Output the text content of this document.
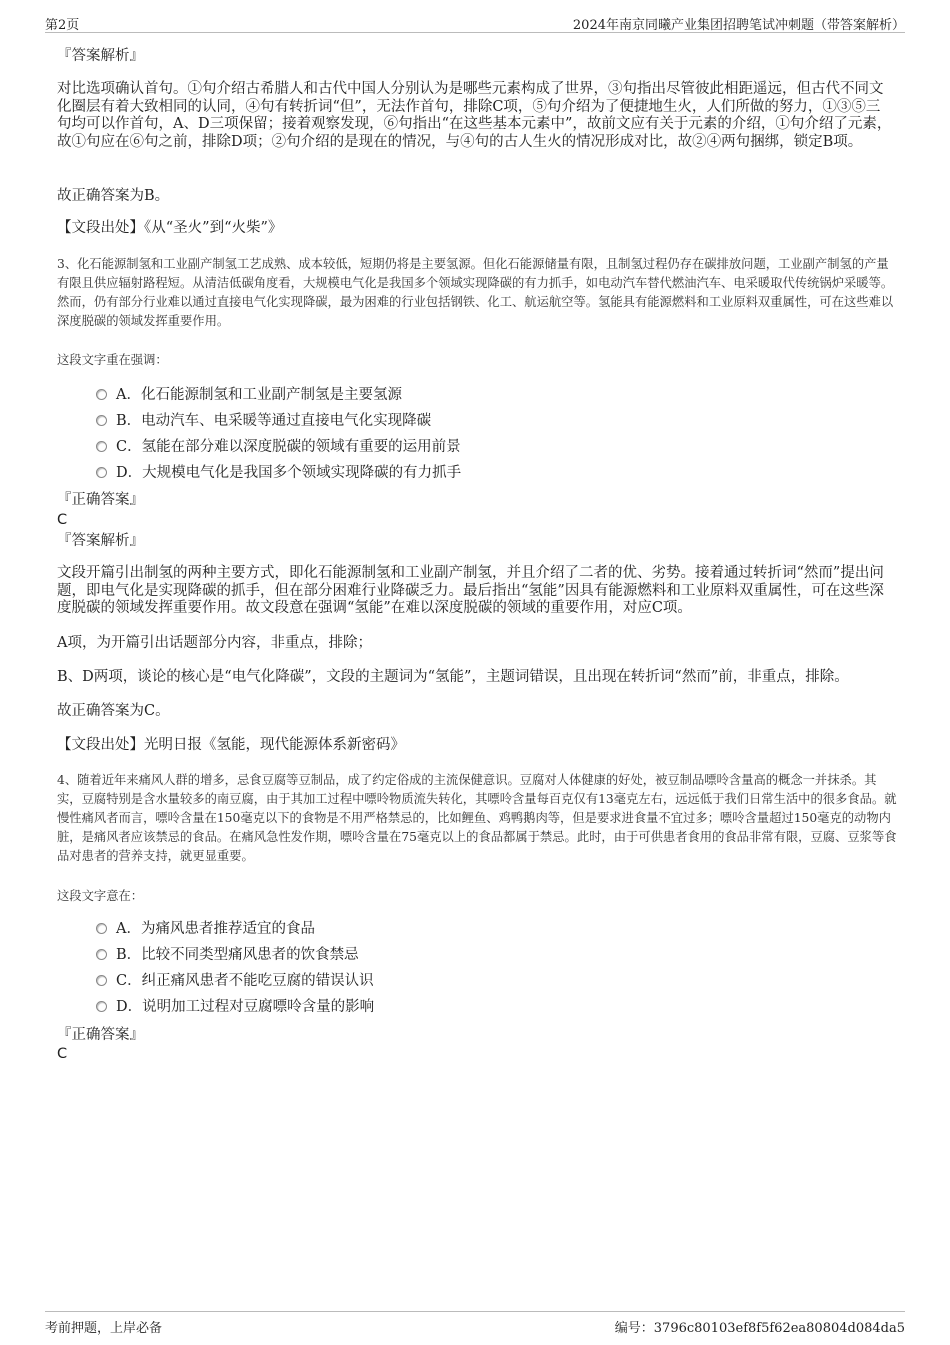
第2页	2024年南京同曦产业集团招聘笔试冲刺题（带答案解析）
『答案解析』
对比选项确认首句。①句介绍古希腊人和古代中国人分别认为是哪些元素构成了世界，③句指出尽管彼此相距遥远，但古代不同文化圈层有着大致相同的认同，④句有转折词“但”，无法作首句，排除C项，⑤句介绍为了便捷地生火，人们所做的努力，①③⑤三句均可以作首句，A、D三项保留；接着观察发现，⑥句指出“在这些基本元素中”，故前文应有关于元素的介绍，①句介绍了元素，故①句应在⑥句之前，排除D项；②句介绍的是现在的情况，与④句的古人生火的情况形成对比，故②④两句捆绑，锁定B项。
故正确答案为B。
【文段出处】《从“圣火”到“火柴”》
3、化石能源制氢和工业副产制氢工艺成熟、成本较低，短期仍将是主要氢源。但化石能源储量有限，且制氢过程仍存在碳排放问题，工业副产制氢的产量有限且供应辐射路程短。从清洁低碳角度看，大规模电气化是我国多个领域实现降碳的有力抓手，如电动汽车替代燃油汽车、电采暖取代传统锅炉采暖等。然而，仍有部分行业难以通过直接电气化实现降碳，最为困难的行业包括钢铁、化工、航运航空等。氢能具有能源燃料和工业原料双重属性，可在这些难以深度脱碳的领域发挥重要作用。
这段文字重在强调：
A．化石能源制氢和工业副产制氢是主要氢源
B．电动汽车、电采暖等通过直接电气化实现降碳
C．氢能在部分难以深度脱碳的领域有重要的运用前景
D．大规模电气化是我国多个领域实现降碳的有力抓手
『正确答案』
C
『答案解析』
文段开篇引出制氢的两种主要方式，即化石能源制氢和工业副产制氢，并且介绍了二者的优、劣势。接着通过转折词“然而”提出问题，即电气化是实现降碳的抓手，但在部分困难行业降碳乏力。最后指出“氢能”因具有能源燃料和工业原料双重属性，可在这些深度脱碳的领域发挥重要作用。故文段意在强调“氢能”在难以深度脱碳的领域的重要作用，对应C项。
A项，为开篇引出话题部分内容，非重点，排除；
B、D两项，谈论的核心是“电气化降碳”，文段的主题词为“氢能”，主题词错误，且出现在转折词“然而”前，非重点，排除。
故正确答案为C。
【文段出处】光明日报《氢能，现代能源体系新密码》
4、随着近年来痛风人群的增多，忌食豆腐等豆制品，成了约定俗成的主流保健意识。豆腐对人体健康的好处，被豆制品嘌呤含量高的概念一并抹杀。其实，豆腐特别是含水量较多的南豆腐，由于其加工过程中嘌呤物质流失转化，其嘌呤含量每百克仅有13毫克左右，远远低于我们日常生活中的很多食品。就慢性痛风者而言，嘌呤含量在150毫克以下的食物是不用严格禁忌的，比如鲤鱼、鸡鸭鹅肉等，但是要求进食量不宜过多；嘌呤含量超过150毫克的动物内脏，是痛风者应该禁忌的食品。在痛风急性发作期，嘌呤含量在75毫克以上的食品都属于禁忌。此时，由于可供患者食用的食品非常有限，豆腐、豆浆等食品对患者的营养支持，就更显重要。
这段文字意在：
A．为痛风患者推荐适宜的食品
B．比较不同类型痛风患者的饮食禁忌
C．纠正痛风患者不能吃豆腐的错误认识
D．说明加工过程对豆腐嘌呤含量的影响
『正确答案』
C
考前押题，上岸必备	编号：3796c80103ef8f5f62ea80804d084da5
